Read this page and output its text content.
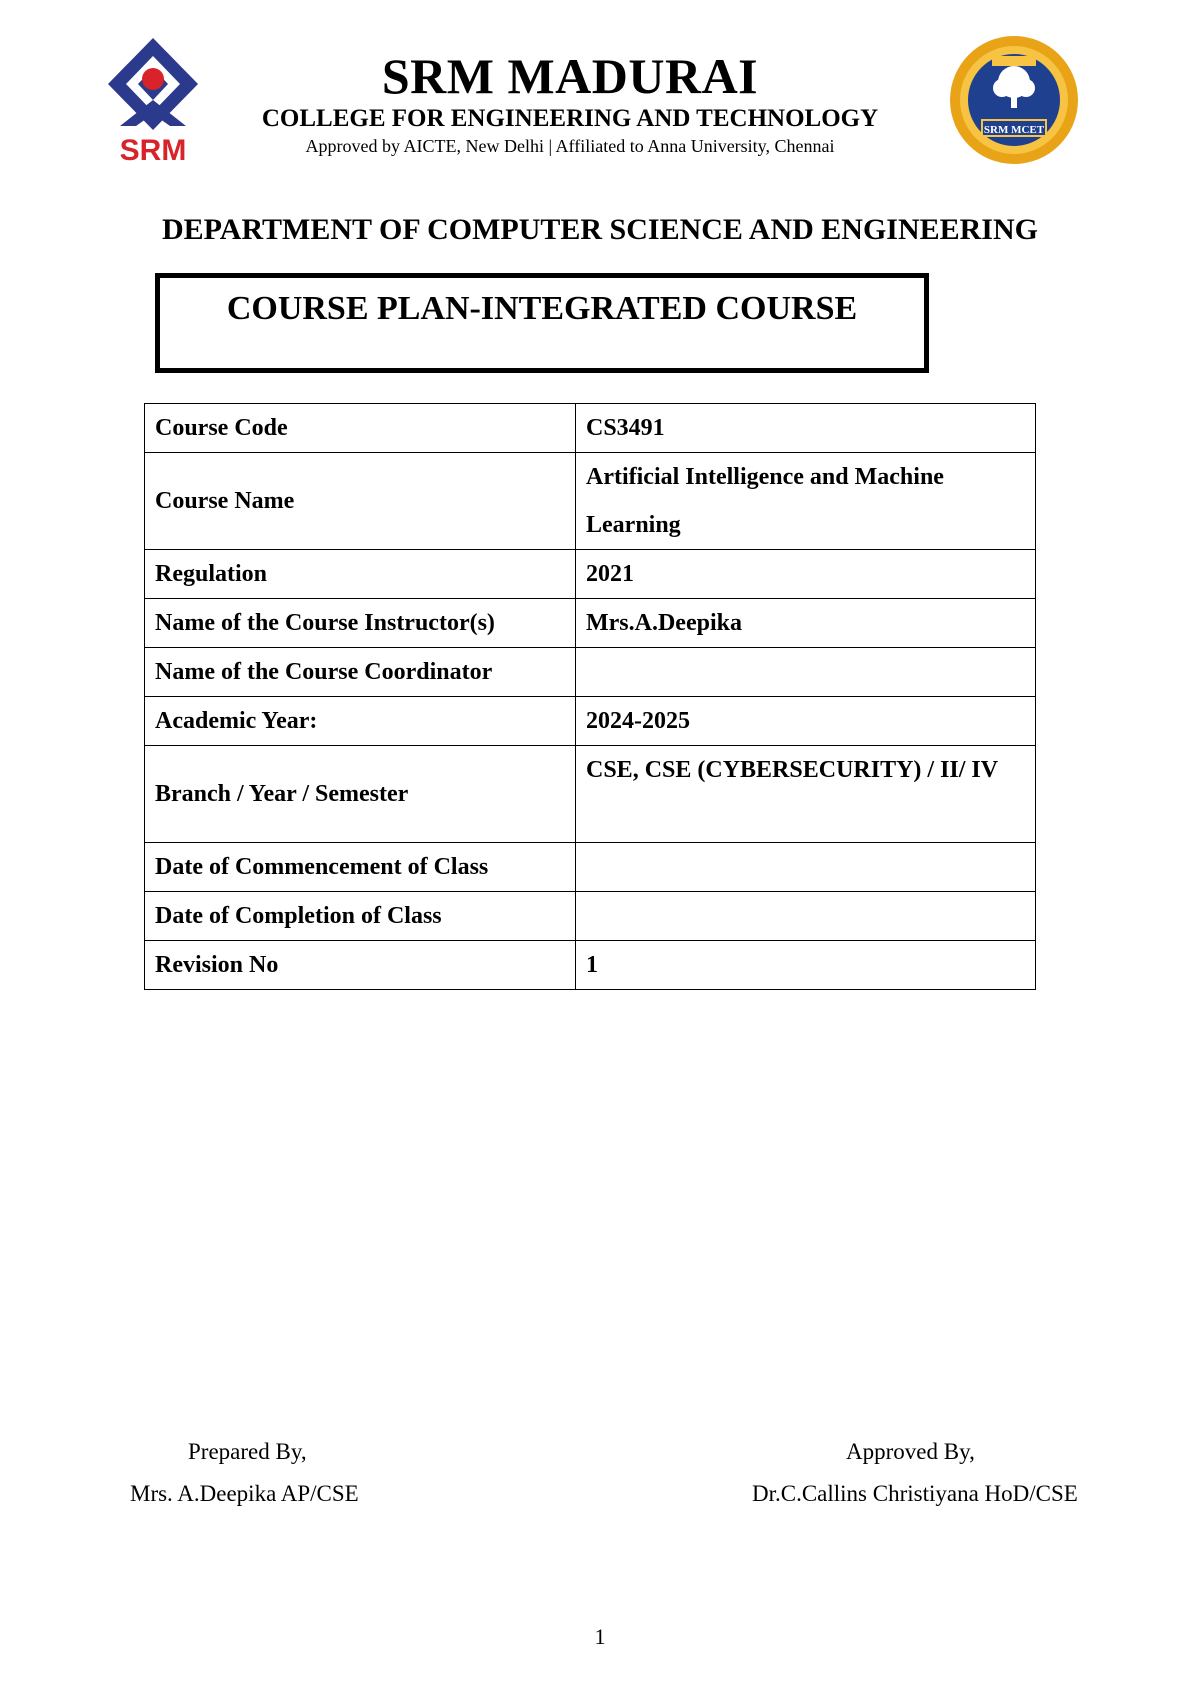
SRM
SRM MADURAI
COLLEGE FOR ENGINEERING AND TECHNOLOGY
Approved by AICTE, New Delhi | Affiliated to Anna University, Chennai
SRM MCET
DEPARTMENT OF COMPUTER SCIENCE AND ENGINEERING
COURSE PLAN-INTEGRATED COURSE
Course Code	CS3491
Course Name	Artificial Intelligence and Machine Learning
Regulation	2021
Name of the Course Instructor(s)	Mrs.A.Deepika
Name of the Course Coordinator	
Academic Year:	2024-2025
Branch / Year / Semester	CSE, CSE (CYBERSECURITY) / II/ IV
Date of Commencement of Class	
Date of Completion of Class	
Revision No	1
Prepared By,
Mrs. A.Deepika AP/CSE
Approved By,
Dr.C.Callins Christiyana HoD/CSE
1
